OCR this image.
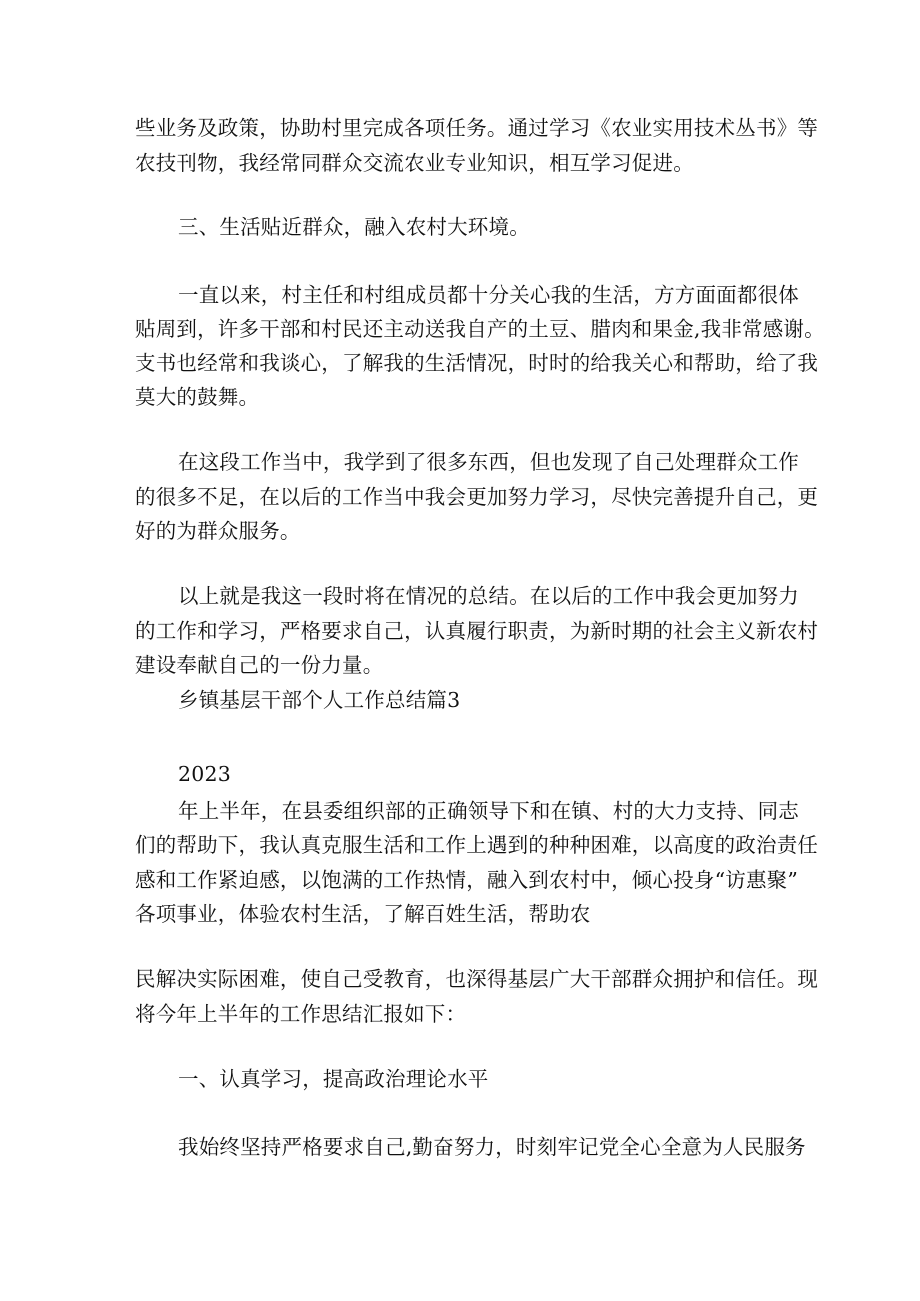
些业务及政策，协助村里完成各项任务。通过学习《农业实用技术丛书》等
农技刊物，我经常同群众交流农业专业知识，相互学习促进。
三、生活贴近群众，融入农村大环境。
一直以来，村主任和村组成员都十分关心我的生活，方方面面都很体
贴周到，许多干部和村民还主动送我自产的土豆、腊肉和果金,我非常感谢。
支书也经常和我谈心，了解我的生活情况，时时的给我关心和帮助，给了我
莫大的鼓舞。
在这段工作当中，我学到了很多东西，但也发现了自己处理群众工作
的很多不足，在以后的工作当中我会更加努力学习，尽快完善提升自己，更
好的为群众服务。
以上就是我这一段时将在情况的总结。在以后的工作中我会更加努力
的工作和学习，严格要求自己，认真履行职责，为新时期的社会主义新农村
建设奉献自己的一份力量。
乡镇基层干部个人工作总结篇3
2023
年上半年，在县委组织部的正确领导下和在镇、村的大力支持、同志
们的帮助下，我认真克服生活和工作上遇到的种种困难，以高度的政治责任
感和工作紧迫感，以饱满的工作热情，融入到农村中，倾心投身“访惠聚”
各项事业，体验农村生活，了解百姓生活，帮助农
民解决实际困难，使自己受教育，也深得基层广大干部群众拥护和信任。现
将今年上半年的工作思结汇报如下：
一、认真学习，提高政治理论水平
我始终坚持严格要求自己,勤奋努力，时刻牢记党全心全意为人民服务
